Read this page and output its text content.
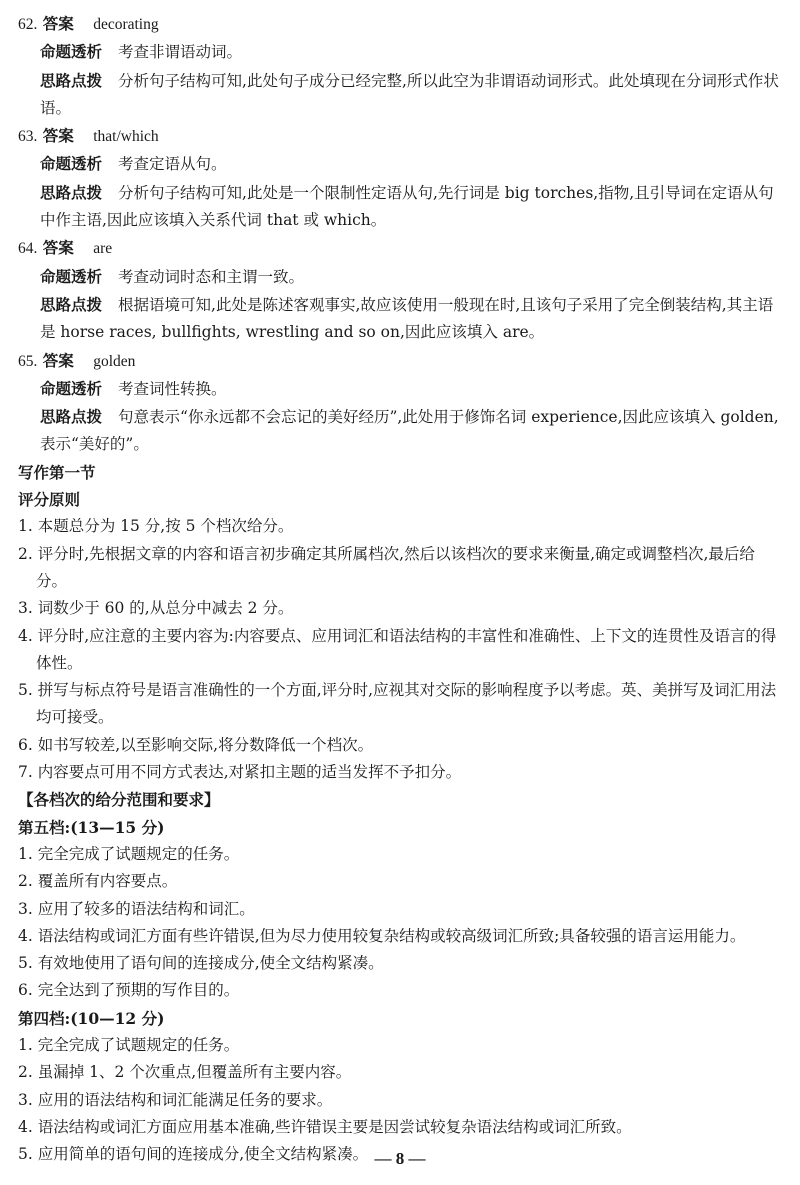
62. 答案 decorating
命题透析 考查非谓语动词。
思路点拨 分析句子结构可知,此处句子成分已经完整,所以此空为非谓语动词形式。此处填现在分词形式作状语。
63. 答案 that/which
命题透析 考查定语从句。
思路点拨 分析句子结构可知,此处是一个限制性定语从句,先行词是 big torches,指物,且引导词在定语从句中作主语,因此应该填入关系代词 that 或 which。
64. 答案 are
命题透析 考查动词时态和主谓一致。
思路点拨 根据语境可知,此处是陈述客观事实,故应该使用一般现在时,且该句子采用了完全倒装结构,其主语是 horse races, bullfights, wrestling and so on,因此应该填入 are。
65. 答案 golden
命题透析 考查词性转换。
思路点拨 句意表示“你永远都不会忘记的美好经历”,此处用于修饰名词 experience,因此应该填入 golden,表示“美好的”。
写作第一节
评分原则
1. 本题总分为 15 分,按 5 个档次给分。
2. 评分时,先根据文章的内容和语言初步确定其所属档次,然后以该档次的要求来衡量,确定或调整档次,最后给分。
3. 词数少于 60 的,从总分中减去 2 分。
4. 评分时,应注意的主要内容为:内容要点、应用词汇和语法结构的丰富性和准确性、上下文的连贯性及语言的得体性。
5. 拼写与标点符号是语言准确性的一个方面,评分时,应视其对交际的影响程度予以考虑。英、美拼写及词汇用法均可接受。
6. 如书写较差,以至影响交际,将分数降低一个档次。
7. 内容要点可用不同方式表达,对紧扣主题的适当发挥不予扣分。
【各档次的给分范围和要求】
第五档:(13—15 分)
1. 完全完成了试题规定的任务。
2. 覆盖所有内容要点。
3. 应用了较多的语法结构和词汇。
4. 语法结构或词汇方面有些许错误,但为尽力使用较复杂结构或较高级词汇所致;具备较强的语言运用能力。
5. 有效地使用了语句间的连接成分,使全文结构紧凑。
6. 完全达到了预期的写作目的。
第四档:(10—12 分)
1. 完全完成了试题规定的任务。
2. 虽漏掉 1、2 个次重点,但覆盖所有主要内容。
3. 应用的语法结构和词汇能满足任务的要求。
4. 语法结构或词汇方面应用基本准确,些许错误主要是因尝试较复杂语法结构或词汇所致。
5. 应用简单的语句间的连接成分,使全文结构紧凑。 — 8 —
